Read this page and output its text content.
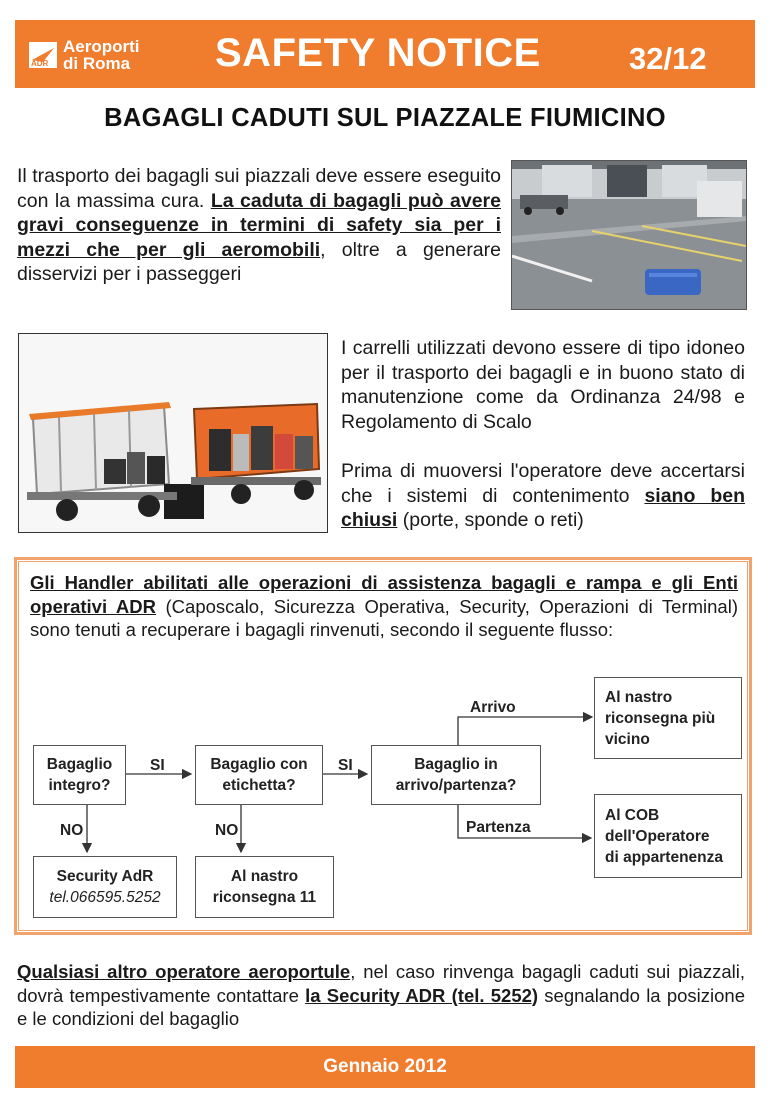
ADR
Aeroporti
di Roma SAFETY NOTICE	32/12
BAGAGLI CADUTI SUL PIAZZALE FIUMICINO
Il trasporto dei bagagli sui piazzali deve essere eseguito con la massima cura. La caduta di bagagli può avere gravi conseguenze in termini di safety sia per i mezzi che per gli aeromobili, oltre a generare disservizi per i passeggeri
I carrelli utilizzati devono essere di tipo idoneo per il trasporto dei bagagli e in buono stato di manutenzione come da Ordinanza 24/98 e Regolamento di Scalo
Prima di muoversi l'operatore deve accertarsi che i sistemi di contenimento siano ben chiusi (porte, sponde o reti)
Gli Handler abilitati alle operazioni di assistenza bagagli e rampa e gli Enti operativi ADR (Caposcalo, Sicurezza Operativa, Security, Operazioni di Terminal) sono tenuti a recuperare i bagagli rinvenuti, secondo il seguente flusso:
Bagaglio
integro?
Bagaglio con
etichetta?
Bagaglio in
arrivo/partenza?
Security AdR
tel.066595.5252
Al nastro
riconsegna 11
Al nastro
riconsegna più
vicino
Al COB
dell'Operatore
di appartenenza
SI	SI
NO	NO
Arrivo
Partenza
Qualsiasi altro operatore aeroportule, nel caso rinvenga bagagli caduti sui piazzali, dovrà tempestivamente contattare la Security ADR (tel. 5252) segnalando la posizione e le condizioni del bagaglio
Gennaio 2012
